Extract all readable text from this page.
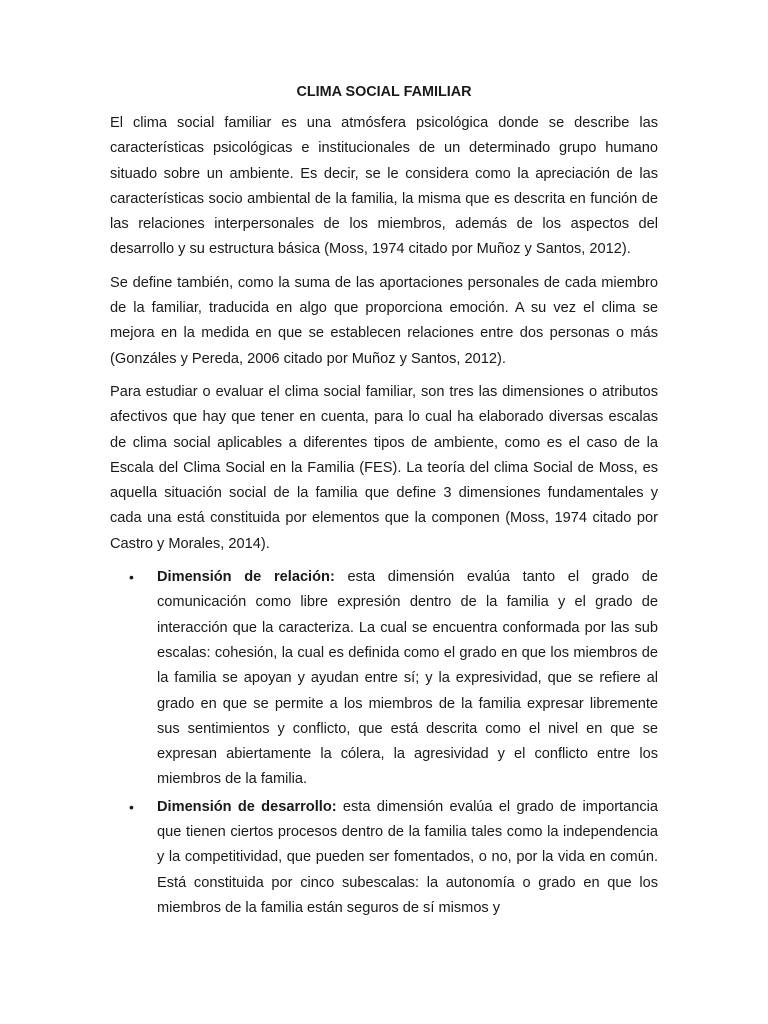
CLIMA SOCIAL FAMILIAR

El clima social familiar es una atmósfera psicológica donde se describe las características psicológicas e institucionales de un determinado grupo humano situado sobre un ambiente. Es decir, se le considera como la apreciación de las características socio ambiental de la familia, la misma que es descrita en función de las relaciones interpersonales de los miembros, además de los aspectos del desarrollo y su estructura básica (Moss, 1974 citado por Muñoz y Santos, 2012).

Se define también, como la suma de las aportaciones personales de cada miembro de la familiar, traducida en algo que proporciona emoción. A su vez el clima se mejora en la medida en que se establecen relaciones entre dos personas o más (Gonzáles y Pereda, 2006 citado por Muñoz y Santos, 2012).

Para estudiar o evaluar el clima social familiar, son tres las dimensiones o atributos afectivos que hay que tener en cuenta, para lo cual ha elaborado diversas escalas de clima social aplicables a diferentes tipos de ambiente, como es el caso de la Escala del Clima Social en la Familia (FES). La teoría del clima Social de Moss, es aquella situación social de la familia que define 3 dimensiones fundamentales y cada una está constituida por elementos que la componen (Moss, 1974 citado por Castro y Morales, 2014).

• Dimensión de relación: esta dimensión evalúa tanto el grado de comunicación como libre expresión dentro de la familia y el grado de interacción que la caracteriza. La cual se encuentra conformada por las sub escalas: cohesión, la cual es definida como el grado en que los miembros de la familia se apoyan y ayudan entre sí; y la expresividad, que se refiere al grado en que se permite a los miembros de la familia expresar libremente sus sentimientos y conflicto, que está descrita como el nivel en que se expresan abiertamente la cólera, la agresividad y el conflicto entre los miembros de la familia.
• Dimensión de desarrollo: esta dimensión evalúa el grado de importancia que tienen ciertos procesos dentro de la familia tales como la independencia y la competitividad, que pueden ser fomentados, o no, por la vida en común. Está constituida por cinco subescalas: la autonomía o grado en que los miembros de la familia están seguros de sí mismos y
